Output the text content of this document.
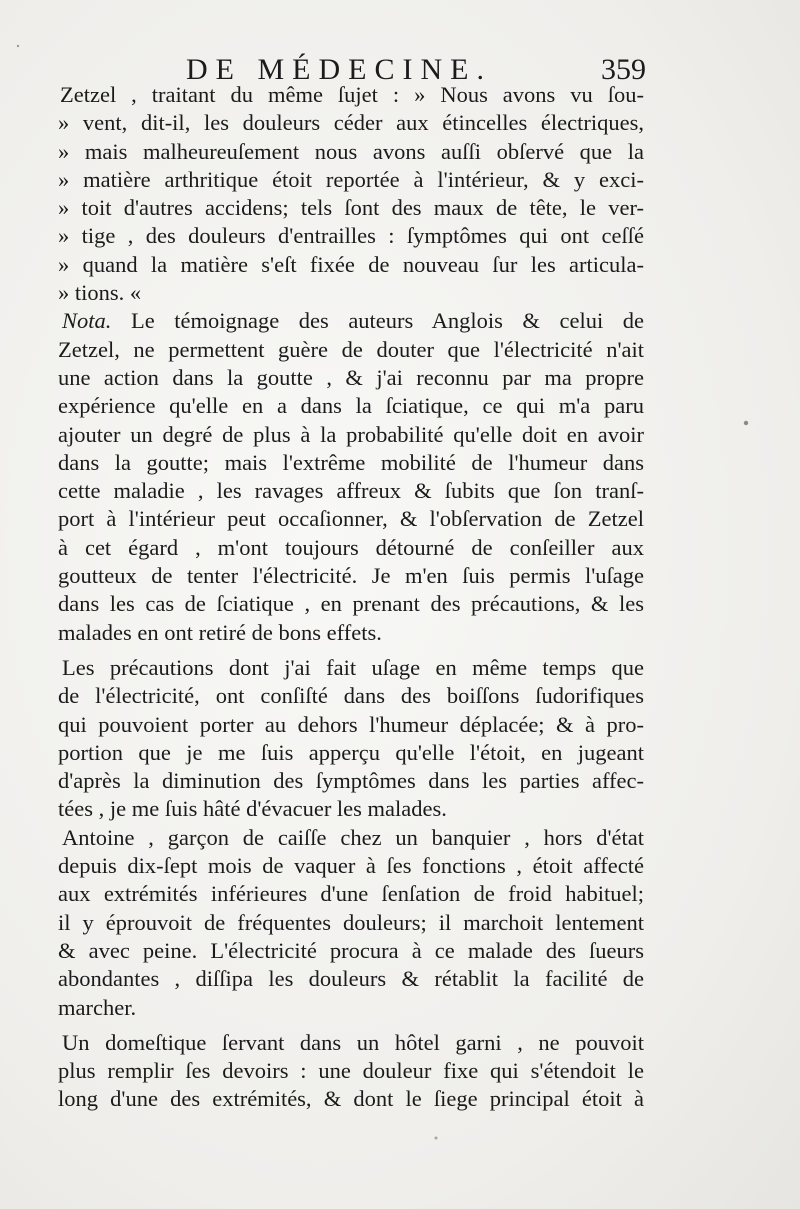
DE MÉDECINE.	359
Zetzel , traitant du même ſujet : » Nous avons vu ſou-
» vent, dit-il, les douleurs céder aux étincelles électriques,
» mais malheureuſement nous avons auſſi obſervé que la
» matière arthritique étoit reportée à l'intérieur, & y exci-
» toit d'autres accidens; tels ſont des maux de tête, le ver-
» tige , des douleurs d'entrailles : ſymptômes qui ont ceſſé
» quand la matière s'eſt fixée de nouveau ſur les articula-
» tions. «
Nota. Le témoignage des auteurs Anglois & celui de
Zetzel, ne permettent guère de douter que l'électricité n'ait
une action dans la goutte , & j'ai reconnu par ma propre
expérience qu'elle en a dans la ſciatique, ce qui m'a paru
ajouter un degré de plus à la probabilité qu'elle doit en avoir
dans la goutte; mais l'extrême mobilité de l'humeur dans
cette maladie , les ravages affreux & ſubits que ſon tranſ-
port à l'intérieur peut occaſionner, & l'obſervation de Zetzel
à cet égard , m'ont toujours détourné de conſeiller aux
goutteux de tenter l'électricité. Je m'en ſuis permis l'uſage
dans les cas de ſciatique , en prenant des précautions, & les
malades en ont retiré de bons effets.
Les précautions dont j'ai fait uſage en même temps que
de l'électricité, ont conſiſté dans des boiſſons ſudorifiques
qui pouvoient porter au dehors l'humeur déplacée; & à pro-
portion que je me ſuis apperçu qu'elle l'étoit, en jugeant
d'après la diminution des ſymptômes dans les parties affec-
tées , je me ſuis hâté d'évacuer les malades.
Antoine , garçon de caiſſe chez un banquier , hors d'état
depuis dix-ſept mois de vaquer à ſes fonctions , étoit affecté
aux extrémités inférieures d'une ſenſation de froid habituel;
il y éprouvoit de fréquentes douleurs; il marchoit lentement
& avec peine. L'électricité procura à ce malade des ſueurs
abondantes , diſſipa les douleurs & rétablit la facilité de
marcher.
Un domeſtique ſervant dans un hôtel garni , ne pouvoit
plus remplir ſes devoirs : une douleur fixe qui s'étendoit le
long d'une des extrémités, & dont le ſiege principal étoit à
